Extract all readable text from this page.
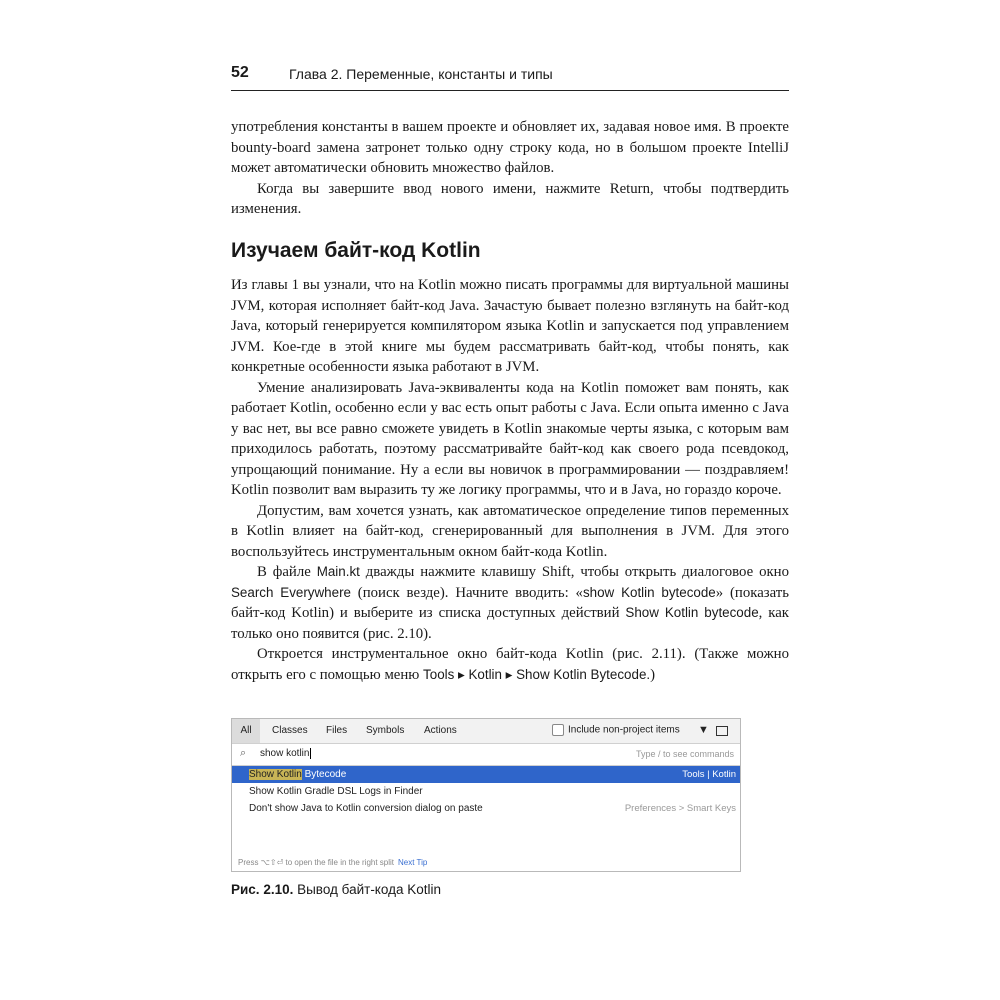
52	Глава 2. Переменные, константы и типы

употребления константы в вашем проекте и обновляет их, задавая новое имя. В проекте bounty-board замена затронет только одну строку кода, но в большом проекте IntelliJ может автоматически обновить множество файлов.

Когда вы завершите ввод нового имени, нажмите Return, чтобы подтвердить изменения.

Изучаем байт-код Kotlin

Из главы 1 вы узнали, что на Kotlin можно писать программы для виртуальной машины JVM, которая исполняет байт-код Java. Зачастую бывает полезно взглянуть на байт-код Java, который генерируется компилятором языка Kotlin и запускается под управлением JVM. Кое-где в этой книге мы будем рассматривать байт-код, чтобы понять, как конкретные особенности языка работают в JVM.

Умение анализировать Java-эквиваленты кода на Kotlin поможет вам понять, как работает Kotlin, особенно если у вас есть опыт работы с Java. Если опыта именно с Java у вас нет, вы все равно сможете увидеть в Kotlin знакомые черты языка, с которым вам приходилось работать, поэтому рассматривайте байт-код как своего рода псевдокод, упрощающий понимание. Ну а если вы новичок в программировании — поздравляем! Kotlin позволит вам выразить ту же логику программы, что и в Java, но гораздо короче.

Допустим, вам хочется узнать, как автоматическое определение типов переменных в Kotlin влияет на байт-код, сгенерированный для выполнения в JVM. Для этого воспользуйтесь инструментальным окном байт-кода Kotlin.

В файле Main.kt дважды нажмите клавишу Shift, чтобы открыть диалоговое окно Search Everywhere (поиск везде). Начните вводить: «show Kotlin bytecode» (показать байт-код Kotlin) и выберите из списка доступных действий Show Kotlin bytecode, как только оно появится (рис. 2.10).

Откроется инструментальное окно байт-кода Kotlin (рис. 2.11). (Также можно открыть его с помощью меню Tools ▸ Kotlin ▸ Show Kotlin Bytecode.)

All	Classes Files Symbols Actions	Include non-project items ▼
⌕ show kotlin	Type / to see commands
Show Kotlin Bytecode	Tools | Kotlin
Show Kotlin Gradle DSL Logs in Finder
Don't show Java to Kotlin conversion dialog on paste	Preferences > Smart Keys
Press ⌥⇧⏎ to open the file in the right split Next Tip
Рис. 2.10. Вывод байт-кода Kotlin
